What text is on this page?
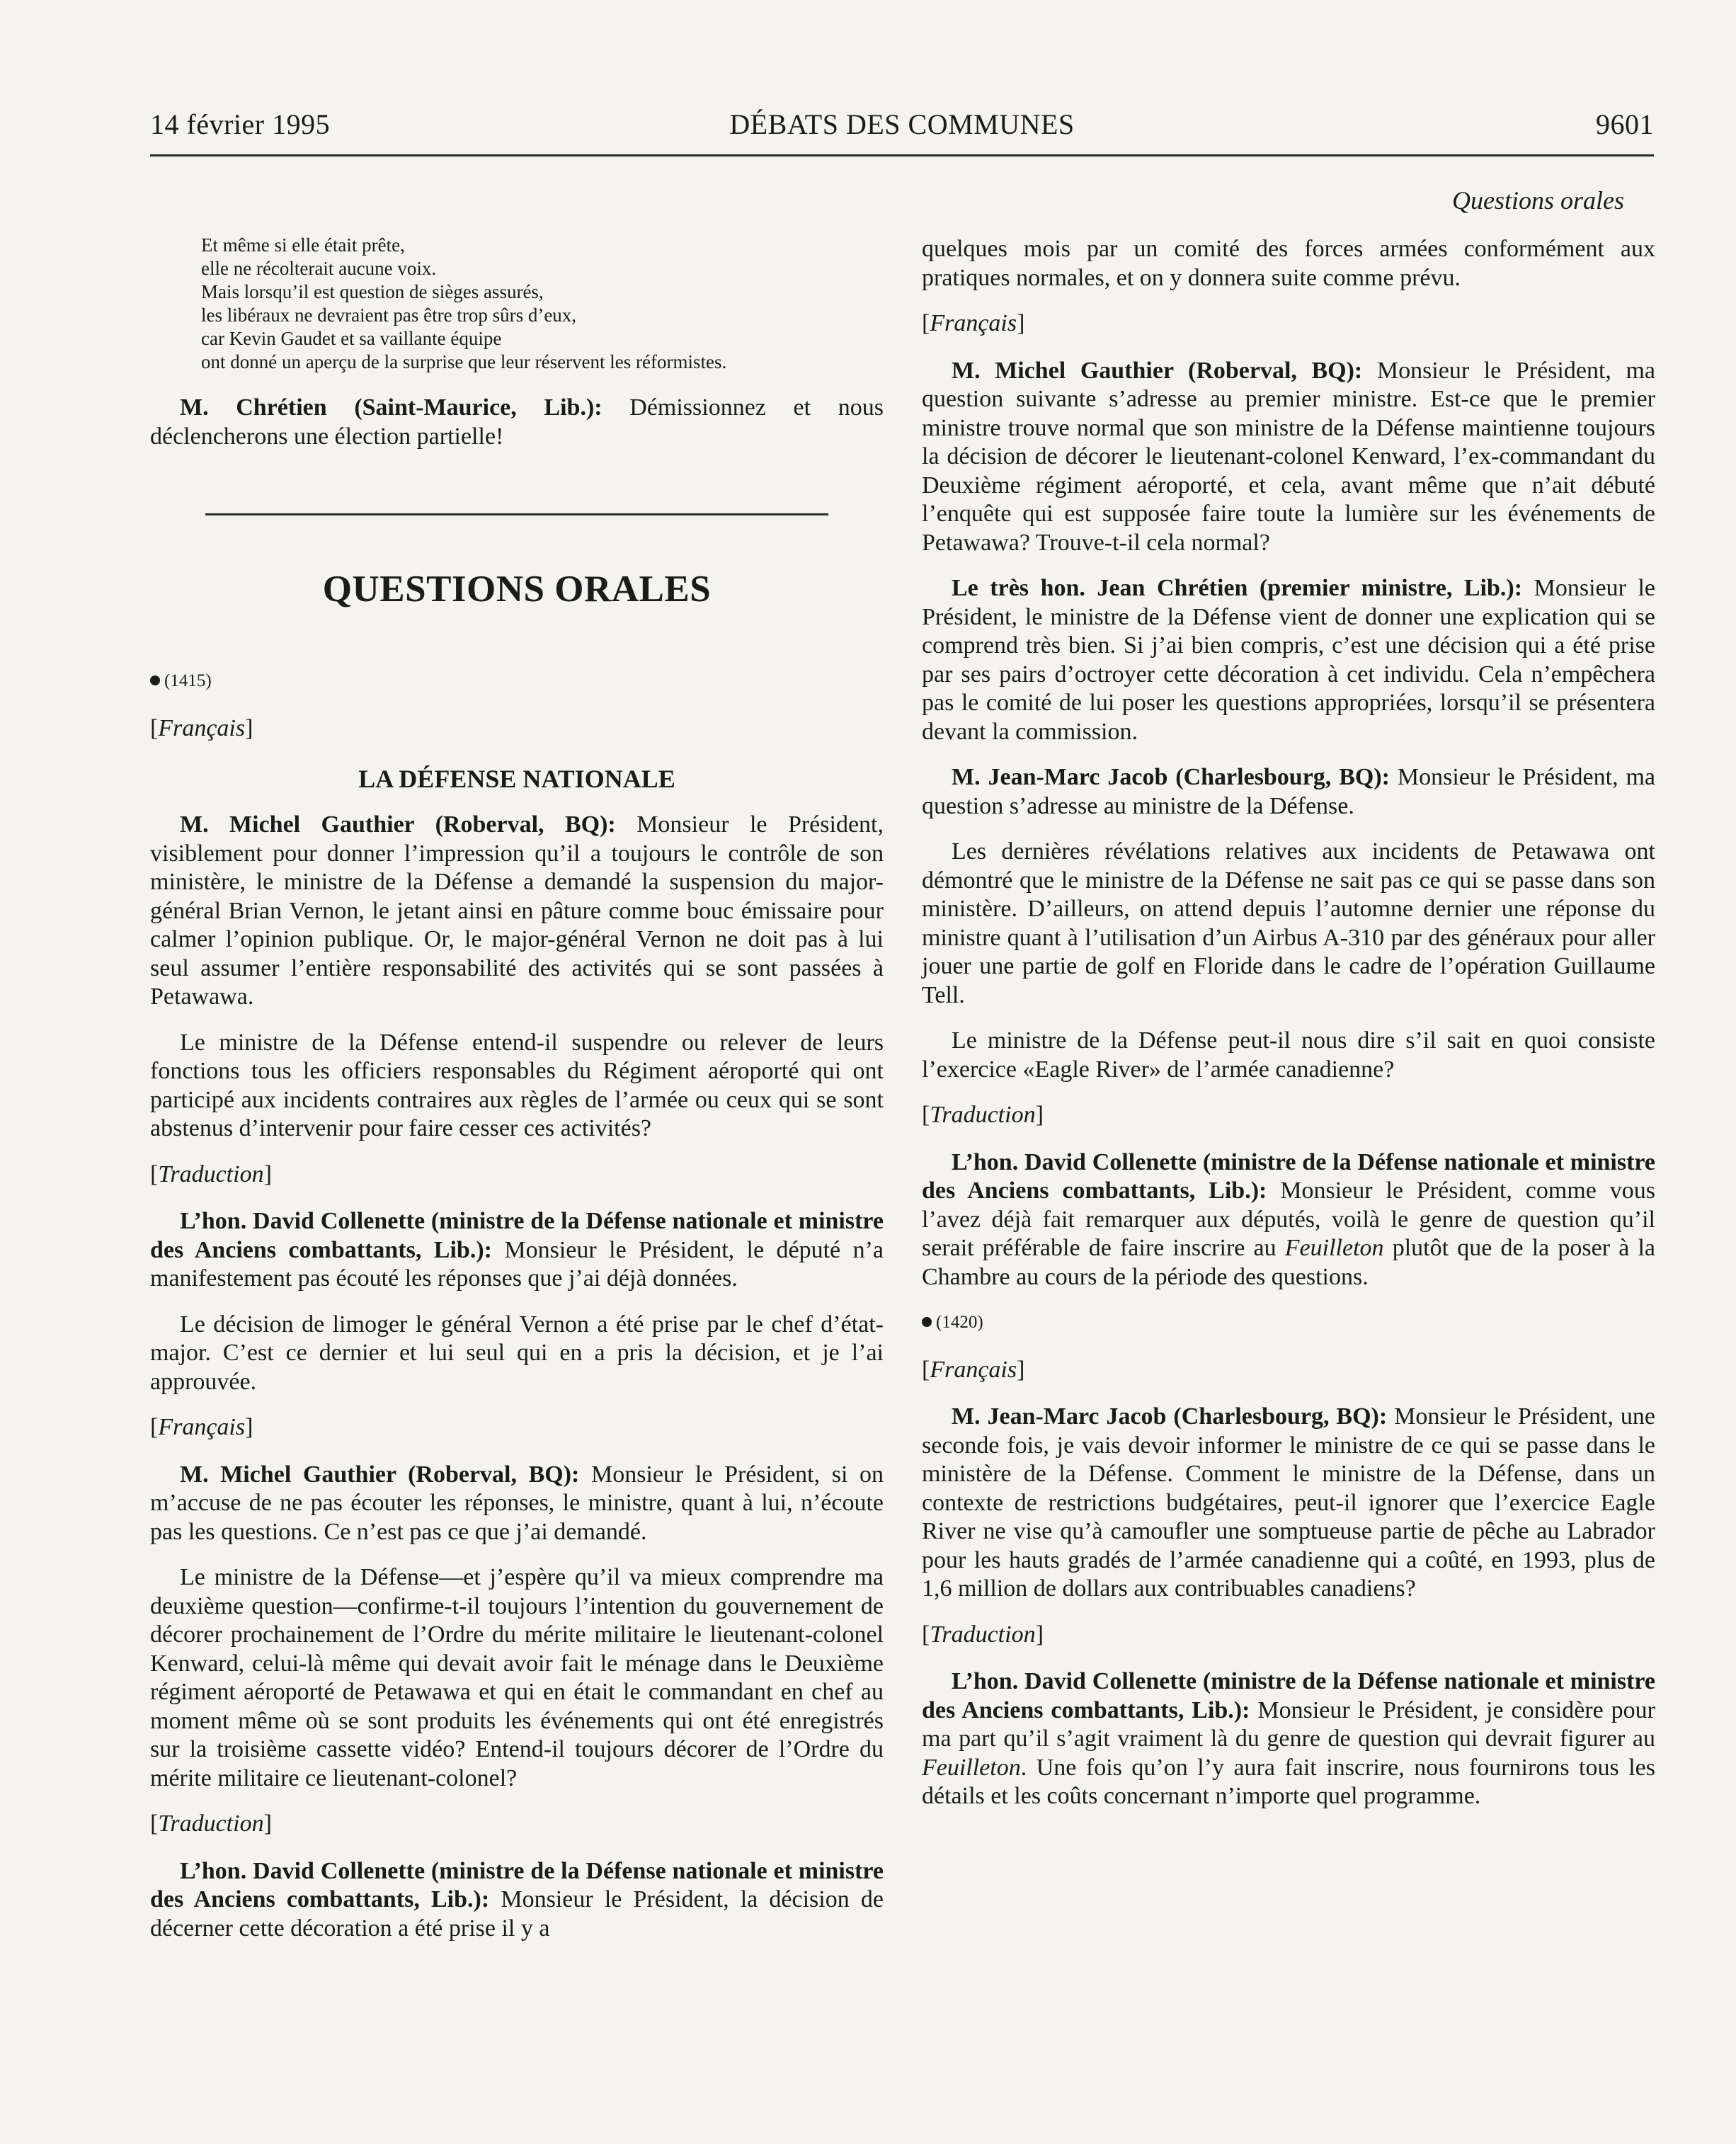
DÉBATS DES COMMUNES
14 février 1995	9601
Et même si elle était prête,
elle ne récolterait aucune voix.
Mais lorsqu’il est question de sièges assurés,
les libéraux ne devraient pas être trop sûrs d’eux,
car Kevin Gaudet et sa vaillante équipe
ont donné un aperçu de la surprise que leur réservent les réformistes.

M. Chrétien (Saint-Maurice, Lib.): Démissionnez et nous déclencherons une élection partielle!

QUESTIONS ORALES

(1415)

[Français]

LA DÉFENSE NATIONALE

M. Michel Gauthier (Roberval, BQ): Monsieur le Président, visiblement pour donner l’impression qu’il a toujours le contrôle de son ministère, le ministre de la Défense a demandé la suspension du major-général Brian Vernon, le jetant ainsi en pâture comme bouc émissaire pour calmer l’opinion publique. Or, le major-général Vernon ne doit pas à lui seul assumer l’entière responsabilité des activités qui se sont passées à Petawawa.

Le ministre de la Défense entend-il suspendre ou relever de leurs fonctions tous les officiers responsables du Régiment aéroporté qui ont participé aux incidents contraires aux règles de l’armée ou ceux qui se sont abstenus d’intervenir pour faire cesser ces activités?

[Traduction]

L’hon. David Collenette (ministre de la Défense nationale et ministre des Anciens combattants, Lib.): Monsieur le Président, le député n’a manifestement pas écouté les réponses que j’ai déjà données.

Le décision de limoger le général Vernon a été prise par le chef d’état-major. C’est ce dernier et lui seul qui en a pris la décision, et je l’ai approuvée.

[Français]

M. Michel Gauthier (Roberval, BQ): Monsieur le Président, si on m’accuse de ne pas écouter les réponses, le ministre, quant à lui, n’écoute pas les questions. Ce n’est pas ce que j’ai demandé.

Le ministre de la Défense—et j’espère qu’il va mieux comprendre ma deuxième question—confirme-t-il toujours l’intention du gouvernement de décorer prochainement de l’Ordre du mérite militaire le lieutenant-colonel Kenward, celui-là même qui devait avoir fait le ménage dans le Deuxième régiment aéroporté de Petawawa et qui en était le commandant en chef au moment même où se sont produits les événements qui ont été enregistrés sur la troisième cassette vidéo? Entend-il toujours décorer de l’Ordre du mérite militaire ce lieutenant-colonel?

[Traduction]

L’hon. David Collenette (ministre de la Défense nationale et ministre des Anciens combattants, Lib.): Monsieur le Président, la décision de décerner cette décoration a été prise il y a

Questions orales

quelques mois par un comité des forces armées conformément aux pratiques normales, et on y donnera suite comme prévu.

[Français]

M. Michel Gauthier (Roberval, BQ): Monsieur le Président, ma question suivante s’adresse au premier ministre. Est-ce que le premier ministre trouve normal que son ministre de la Défense maintienne toujours la décision de décorer le lieutenant-colonel Kenward, l’ex-commandant du Deuxième régiment aéroporté, et cela, avant même que n’ait débuté l’enquête qui est supposée faire toute la lumière sur les événements de Petawawa? Trouve-t-il cela normal?

Le très hon. Jean Chrétien (premier ministre, Lib.): Monsieur le Président, le ministre de la Défense vient de donner une explication qui se comprend très bien. Si j’ai bien compris, c’est une décision qui a été prise par ses pairs d’octroyer cette décoration à cet individu. Cela n’empêchera pas le comité de lui poser les questions appropriées, lorsqu’il se présentera devant la commission.

M. Jean-Marc Jacob (Charlesbourg, BQ): Monsieur le Président, ma question s’adresse au ministre de la Défense.

Les dernières révélations relatives aux incidents de Petawawa ont démontré que le ministre de la Défense ne sait pas ce qui se passe dans son ministère. D’ailleurs, on attend depuis l’automne dernier une réponse du ministre quant à l’utilisation d’un Airbus A-310 par des généraux pour aller jouer une partie de golf en Floride dans le cadre de l’opération Guillaume Tell.

Le ministre de la Défense peut-il nous dire s’il sait en quoi consiste l’exercice «Eagle River» de l’armée canadienne?

[Traduction]

L’hon. David Collenette (ministre de la Défense nationale et ministre des Anciens combattants, Lib.): Monsieur le Président, comme vous l’avez déjà fait remarquer aux députés, voilà le genre de question qu’il serait préférable de faire inscrire au Feuilleton plutôt que de la poser à la Chambre au cours de la période des questions.

(1420)

[Français]

M. Jean-Marc Jacob (Charlesbourg, BQ): Monsieur le Président, une seconde fois, je vais devoir informer le ministre de ce qui se passe dans le ministère de la Défense. Comment le ministre de la Défense, dans un contexte de restrictions budgétaires, peut-il ignorer que l’exercice Eagle River ne vise qu’à camoufler une somptueuse partie de pêche au Labrador pour les hauts gradés de l’armée canadienne qui a coûté, en 1993, plus de 1,6 million de dollars aux contribuables canadiens?

[Traduction]

L’hon. David Collenette (ministre de la Défense nationale et ministre des Anciens combattants, Lib.): Monsieur le Président, je considère pour ma part qu’il s’agit vraiment là du genre de question qui devrait figurer au Feuilleton. Une fois qu’on l’y aura fait inscrire, nous fournirons tous les détails et les coûts concernant n’importe quel programme.
